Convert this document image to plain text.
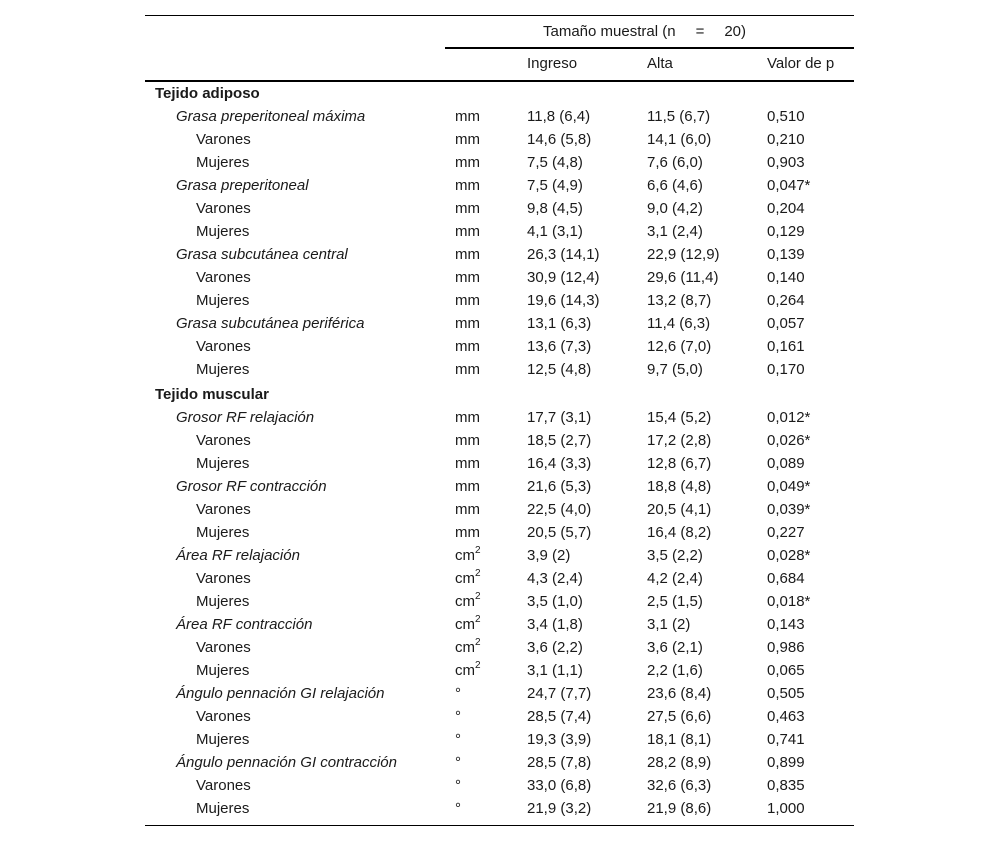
Tamaño muestral (n = 20)
Ingreso	Alta	Valor de p
Tejido adiposo
Grasa preperitoneal máxima	mm	11,8 (6,4)	11,5 (6,7)	0,510
Varones	mm	14,6 (5,8)	14,1 (6,0)	0,210
Mujeres	mm	7,5 (4,8)	7,6 (6,0)	0,903
Grasa preperitoneal	mm	7,5 (4,9)	6,6 (4,6)	0,047*
Varones	mm	9,8 (4,5)	9,0 (4,2)	0,204
Mujeres	mm	4,1 (3,1)	3,1 (2,4)	0,129
Grasa subcutánea central	mm	26,3 (14,1)	22,9 (12,9)	0,139
Varones	mm	30,9 (12,4)	29,6 (11,4)	0,140
Mujeres	mm	19,6 (14,3)	13,2 (8,7)	0,264
Grasa subcutánea periférica	mm	13,1 (6,3)	11,4 (6,3)	0,057
Varones	mm	13,6 (7,3)	12,6 (7,0)	0,161
Mujeres	mm	12,5 (4,8)	9,7 (5,0)	0,170
Tejido muscular
Grosor RF relajación	mm	17,7 (3,1)	15,4 (5,2)	0,012*
Varones	mm	18,5 (2,7)	17,2 (2,8)	0,026*
Mujeres	mm	16,4 (3,3)	12,8 (6,7)	0,089
Grosor RF contracción	mm	21,6 (5,3)	18,8 (4,8)	0,049*
Varones	mm	22,5 (4,0)	20,5 (4,1)	0,039*
Mujeres	mm	20,5 (5,7)	16,4 (8,2)	0,227
Área RF relajación	$cm^2$	3,9 (2)	3,5 (2,2)	0,028*
Varones	$cm^2$	4,3 (2,4)	4,2 (2,4)	0,684
Mujeres	$cm^2$	3,5 (1,0)	2,5 (1,5)	0,018*
Área RF contracción	$cm^2$	3,4 (1,8)	3,1 (2)	0,143
Varones	$cm^2$	3,6 (2,2)	3,6 (2,1)	0,986
Mujeres	$cm^2$	3,1 (1,1)	2,2 (1,6)	0,065
Ángulo pennación GI relajación	°	24,7 (7,7)	23,6 (8,4)	0,505
Varones	°	28,5 (7,4)	27,5 (6,6)	0,463
Mujeres	°	19,3 (3,9)	18,1 (8,1)	0,741
Ángulo pennación GI contracción	°	28,5 (7,8)	28,2 (8,9)	0,899
Varones	°	33,0 (6,8)	32,6 (6,3)	0,835
Mujeres	°	21,9 (3,2)	21,9 (8,6)	1,000
